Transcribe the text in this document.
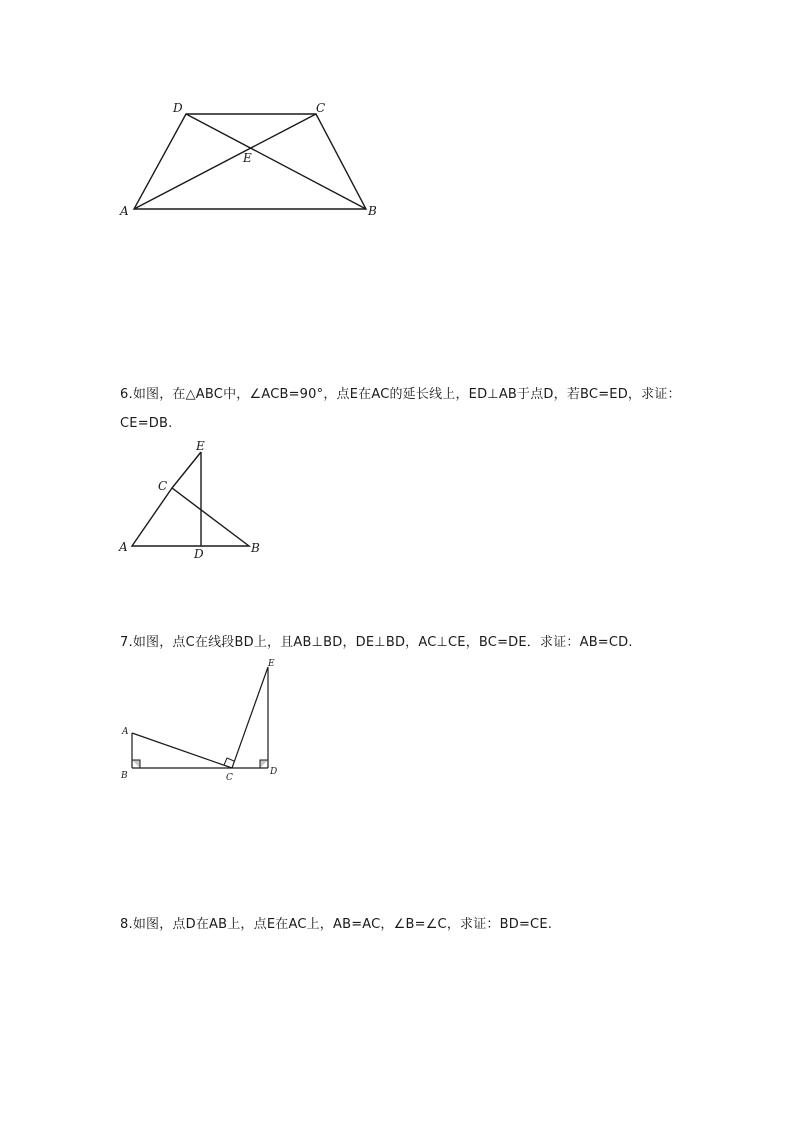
D	C
E
A	B
6.如图，在△ABC中，∠ACB=90°，点E在AC的延长线上，ED⊥AB于点D，若BC=ED，求证：CE=DB.
E
C
A	D	B
7.如图，点C在线段BD上，且AB⊥BD，DE⊥BD，AC⊥CE，BC=DE．求证：AB=CD.
E
A
B	C
D
8.如图，点D在AB上，点E在AC上，AB=AC，∠B=∠C，求证：BD=CE.
